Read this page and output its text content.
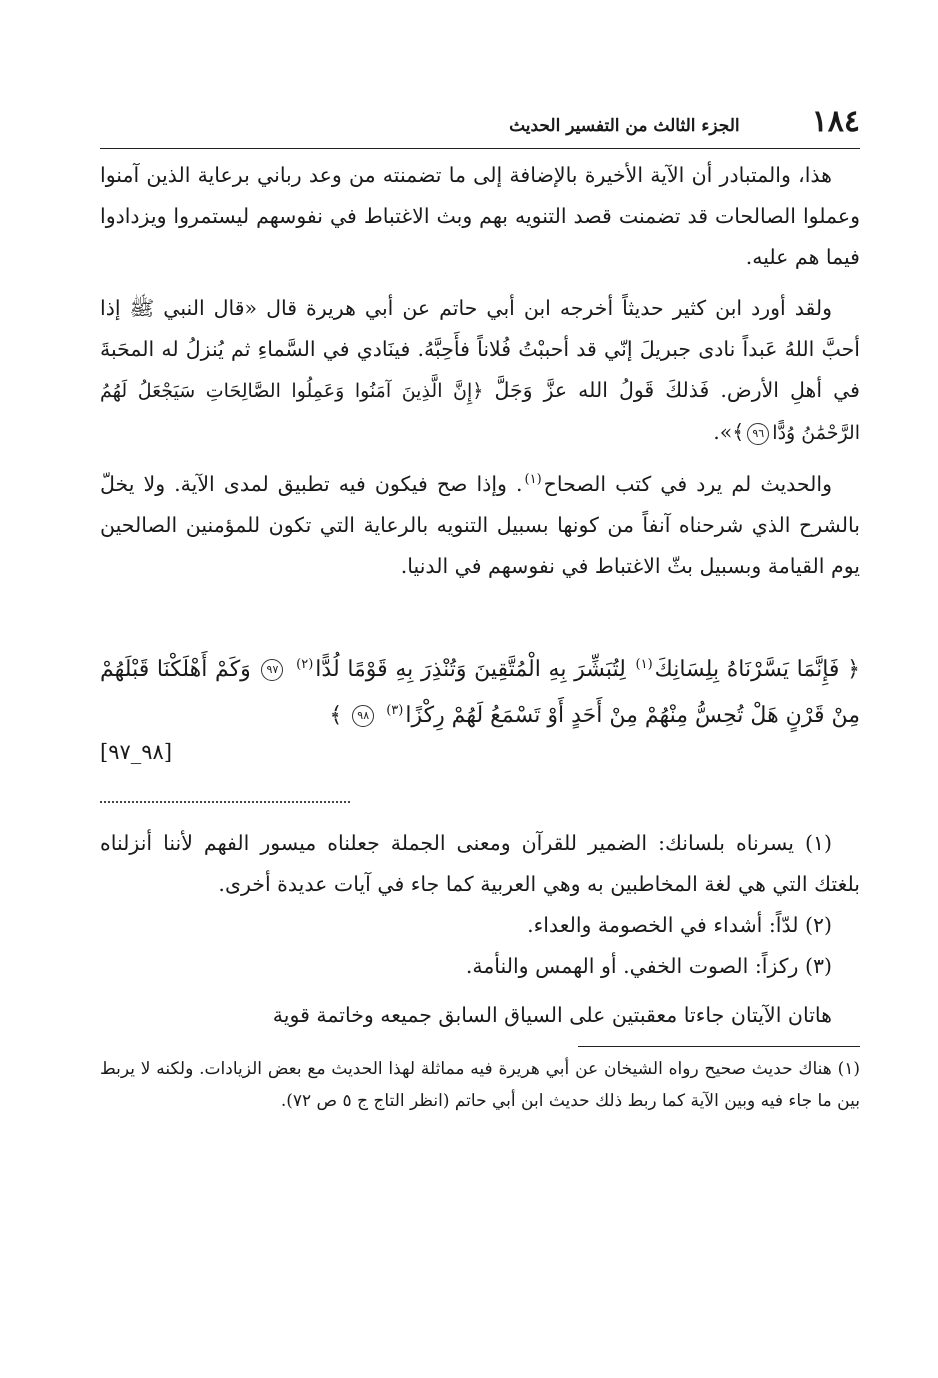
١٨٤
الجزء الثالث من التفسير الحديث

هذا، والمتبادر أن الآية الأخيرة بالإضافة إلى ما تضمنته من وعد رباني برعاية الذين آمنوا وعملوا الصالحات قد تضمنت قصد التنويه بهم وبث الاغتباط في نفوسهم ليستمروا ويزدادوا فيما هم عليه.

ولقد أورد ابن كثير حديثاً أخرجه ابن أبي حاتم عن أبي هريرة قال «قال النبي ﷺ إذا أحبَّ اللهُ عَبداً نادى جبريلَ إنّي قد أحببْتُ فُلاناً فأَحِبَّهُ. فينَادي في السَّماءِ ثم يُنزلُ له المحَبةَ في أهلِ الأرض. فَذلكَ قَولُ الله عزَّ وَجَلَّ ﴿إِنَّ الَّذِينَ آمَنُوا وَعَمِلُوا الصَّالِحَاتِ سَيَجْعَلُ لَهُمُ الرَّحْمَٰنُ وُدًّا٩٦﴾».

والحديث لم يرد في كتب الصحاح$^{(١)}$. وإذا صح فيكون فيه تطبيق لمدى الآية. ولا يخلّ بالشرح الذي شرحناه آنفاً من كونها بسبيل التنويه بالرعاية التي تكون للمؤمنين الصالحين يوم القيامة وبسبيل بثّ الاغتباط في نفوسهم في الدنيا.

﴿ فَإِنَّمَا يَسَّرْنَاهُ بِلِسَانِكَ$^{(١)}$ لِتُبَشِّرَ بِهِ الْمُتَّقِينَ وَتُنْذِرَ بِهِ قَوْمًا لُدًّا$^{(٢)}$ ٩٧ وَكَمْ أَهْلَكْنَا قَبْلَهُمْ مِنْ قَرْنٍ هَلْ تُحِسُّ مِنْهُمْ مِنْ أَحَدٍ أَوْ تَسْمَعُ لَهُمْ رِكْزًا$^{(٣)}$ ٩٨ ﴾
[٩٨_٩٧]

(١) يسرناه بلسانك: الضمير للقرآن ومعنى الجملة جعلناه ميسور الفهم لأننا أنزلناه بلغتك التي هي لغة المخاطبين به وهي العربية كما جاء في آيات عديدة أخرى.

(٢) لدّاً: أشداء في الخصومة والعداء.

(٣) ركزاً: الصوت الخفي. أو الهمس والنأمة.

هاتان الآيتان جاءتا معقبتين على السياق السابق جميعه وخاتمة قوية

(١) هناك حديث صحيح رواه الشيخان عن أبي هريرة فيه مماثلة لهذا الحديث مع بعض الزيادات. ولكنه لا يربط بين ما جاء فيه وبين الآية كما ربط ذلك حديث ابن أبي حاتم (انظر التاج ج ٥ ص ٧٢).
